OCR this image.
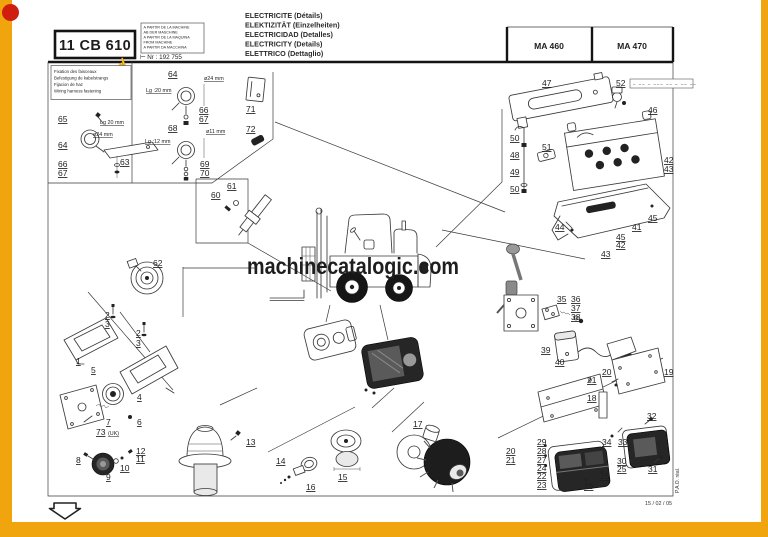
11 CB 610
A PARTIR DE LA MACHINE
AB DER MASCHINE
A PARTIR DE LA MAQUINA
FROM MACHINE
A PARTIR DA MACCHINA
⊢ Nr : 192 755
ELECTRICITE (Détails)
ELEKTIZITÄT (Einzelheiten)
ELECTRICIDAD (Detalles)
ELECTRICITY (Details)
ELETTRICO (Dettaglio)
MA 460	MA 470
Fixation des faisceaux
Befestigung de kabelstrangs
Fijacion de haz
Wiring harness fastening
– –– – ––– –– – –– ––
machinecatalogic.com
15 / 02 / 05
P.A.O. réal.
64	ø24 mm
Lg :20 mm
66
67
68	ø11 mm
Lg :12 mm
69
70
71
72
65	Lg 20 mm
ø24 mm
64
66
67
63
61
60
62
2
3
2
3
1
5
4
7
73 (UK)
6
8
12
11
10
9
13
14
16
15
17
47	52
46
50
51
48
49
50
42
43
44
45
41
45
42
43
35 36
37
38
39
40
20
21
19
18
32
34 33
30
25	31
26
26
20
21
29
28
27
24
22
23
